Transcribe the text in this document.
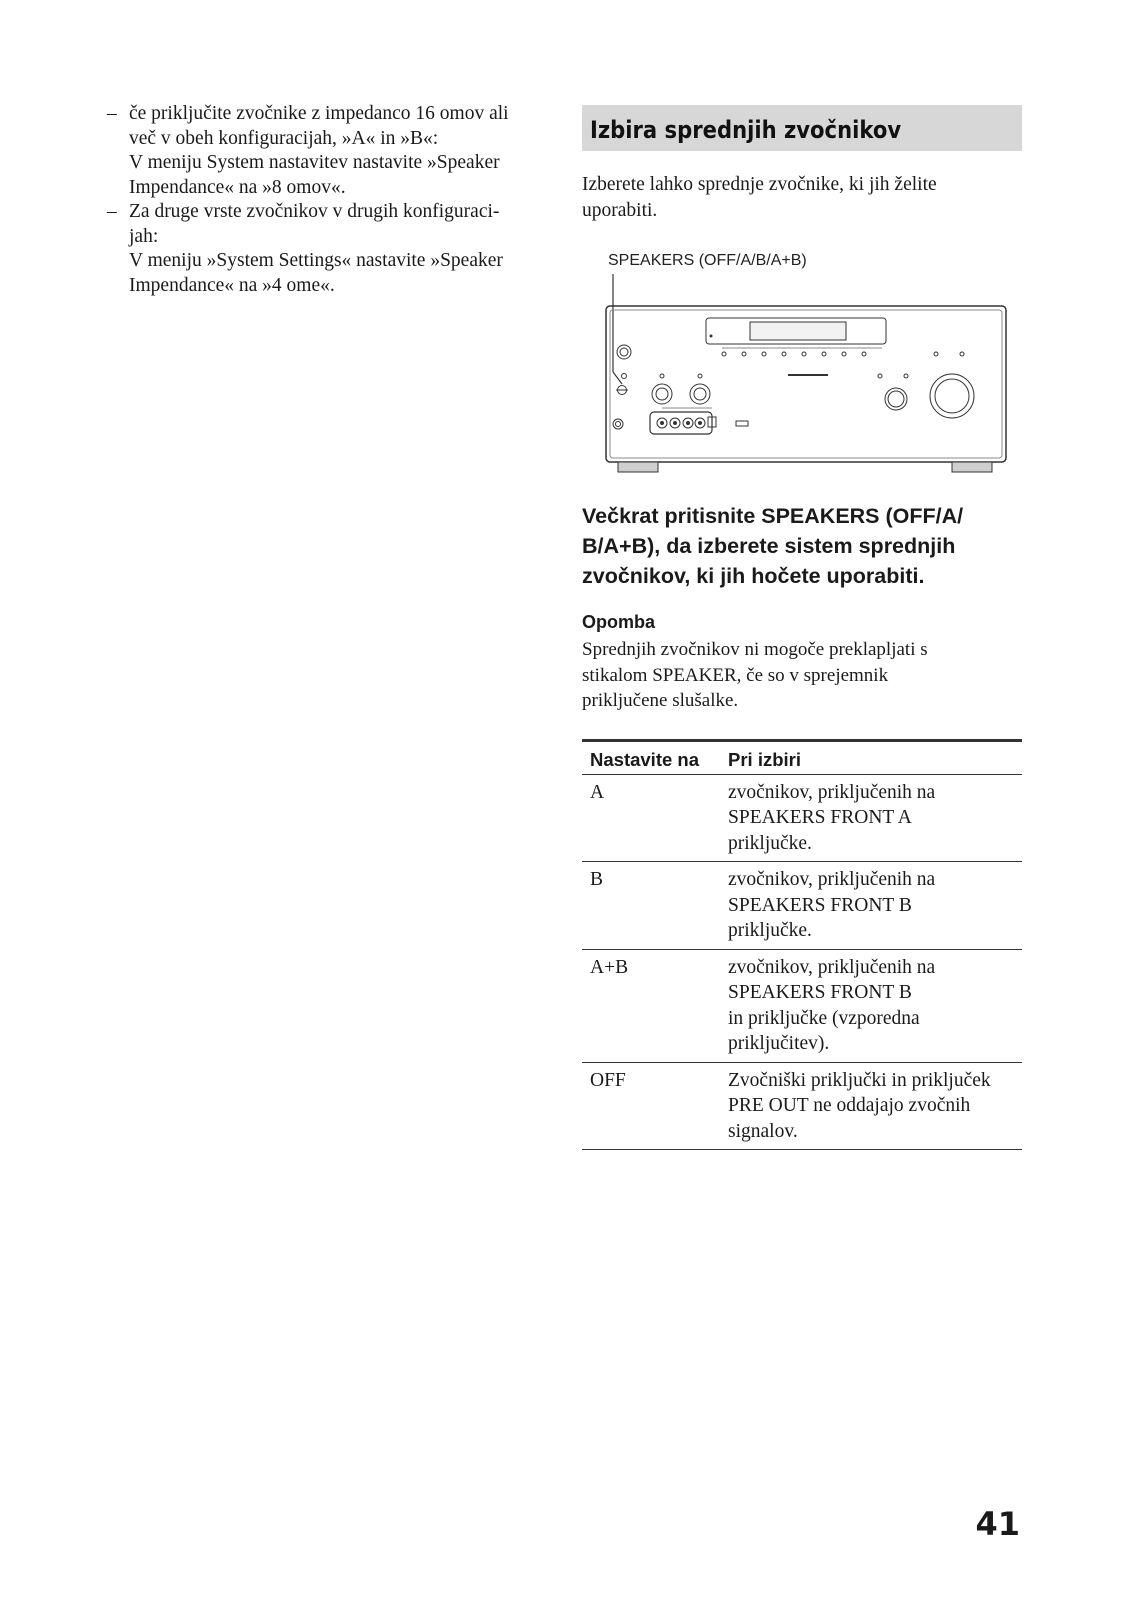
– če priključite zvočnike z impedanco 16 omov ali
več v obeh konfiguracijah, »A« in »B«:
V meniju System nastavitev nastavite »Speaker
Impendance« na »8 omov«.
– Za druge vrste zvočnikov v drugih konfiguraci-
jah:
V meniju »System Settings« nastavite »Speaker
Impendance« na »4 ome«.
Izbira sprednjih zvočnikov
Izberete lahko sprednje zvočnike, ki jih želite
uporabiti.
SPEAKERS (OFF/A/B/A+B)
Večkrat pritisnite SPEAKERS (OFF/A/
B/A+B), da izberete sistem sprednjih
zvočnikov, ki jih hočete uporabiti.
Opomba
Sprednjih zvočnikov ni mogoče preklapljati s
stikalom SPEAKER, če so v sprejemnik
priključene slušalke.
Nastavite na	Pri izbiri
A	zvočnikov, priključenih na
SPEAKERS FRONT A
priključke.

B	zvočnikov, priključenih na
SPEAKERS FRONT B
priključke.

A+B	zvočnikov, priključenih na
SPEAKERS FRONT B
in priključke (vzporedna
priključitev).

OFF	Zvočniški priključki in priključek
PRE OUT ne oddajajo zvočnih
signalov.
41
